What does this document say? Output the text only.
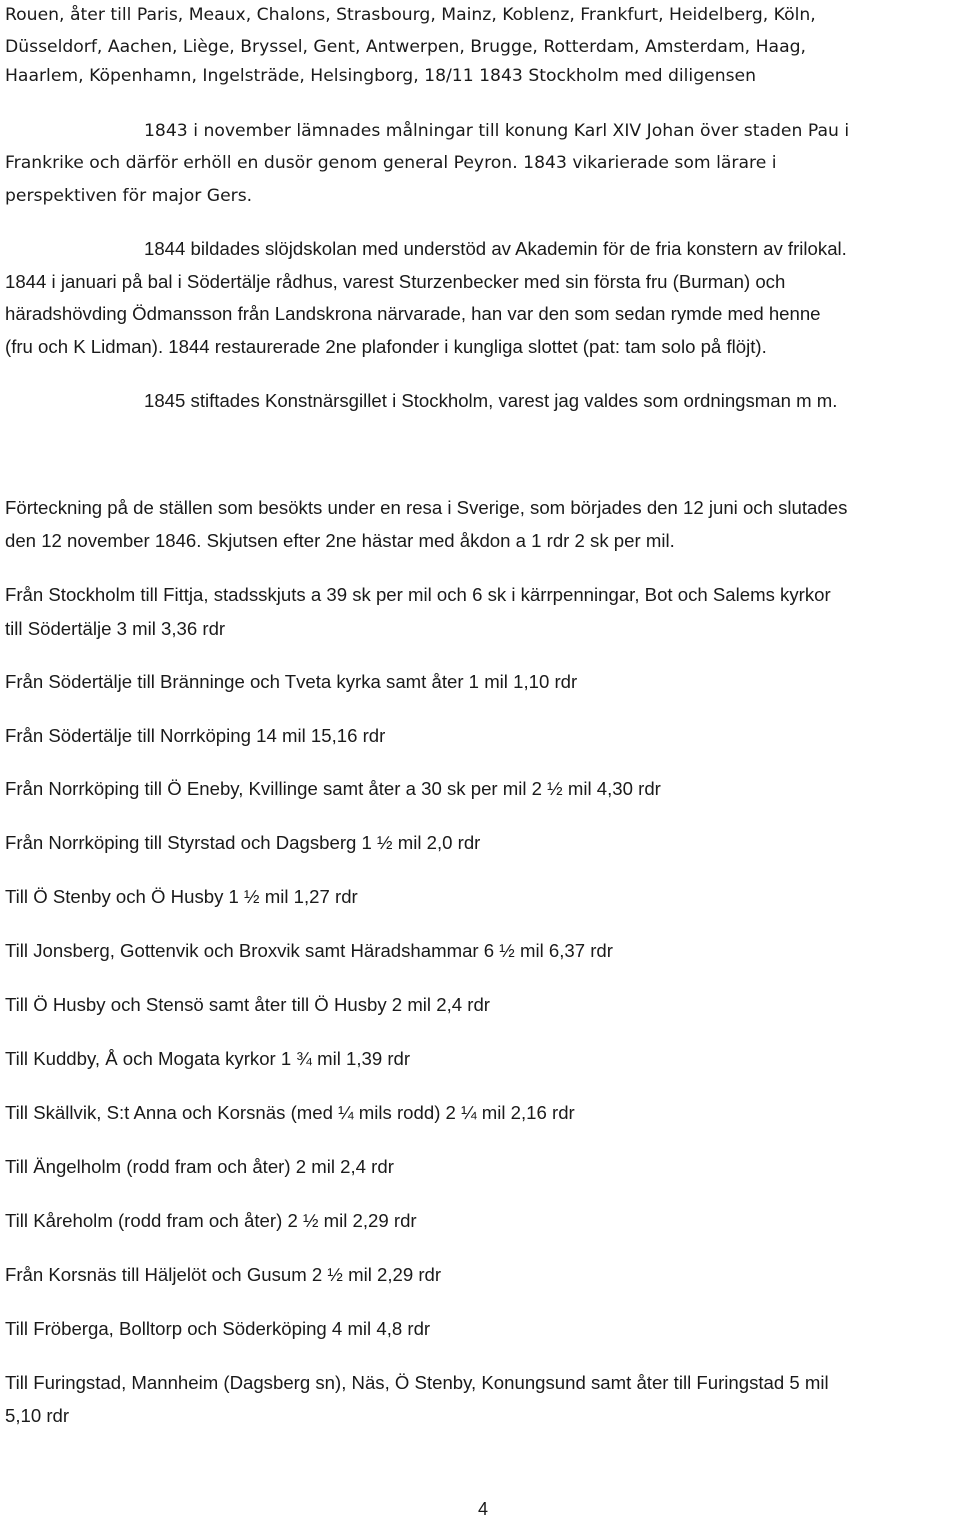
Rouen, åter till Paris, Meaux, Chalons, Strasbourg, Mainz, Koblenz, Frankfurt, Heidelberg, Köln,
Düsseldorf, Aachen, Liège, Bryssel, Gent, Antwerpen, Brugge, Rotterdam, Amsterdam, Haag,
Haarlem, Köpenhamn, Ingelsträde, Helsingborg, 18/11 1843 Stockholm med diligensen
1843 i november lämnades målningar till konung Karl XIV Johan över staden Pau i
Frankrike och därför erhöll en dusör genom general Peyron. 1843 vikarierade som lärare i
perspektiven för major Gers.
1844 bildades slöjdskolan med understöd av Akademin för de fria konstern av frilokal.
1844 i januari på bal i Södertälje rådhus, varest Sturzenbecker med sin första fru (Burman) och
häradshövding Ödmansson från Landskrona närvarade, han var den som sedan rymde med henne
(fru och K Lidman). 1844 restaurerade 2ne plafonder i kungliga slottet (pat: tam solo på flöjt).
1845 stiftades Konstnärsgillet i Stockholm, varest jag valdes som ordningsman m m.
Förteckning på de ställen som besökts under en resa i Sverige, som börjades den 12 juni och slutades
den 12 november 1846. Skjutsen efter 2ne hästar med åkdon a 1 rdr 2 sk per mil.
Från Stockholm till Fittja, stadsskjuts a 39 sk per mil och 6 sk i kärrpenningar, Bot och Salems kyrkor
till Södertälje 3 mil 3,36 rdr
Från Södertälje till Bränninge och Tveta kyrka samt åter 1 mil 1,10 rdr
Från Södertälje till Norrköping 14 mil 15,16 rdr
Från Norrköping till Ö Eneby, Kvillinge samt åter a 30 sk per mil 2 ½ mil 4,30 rdr
Från Norrköping till Styrstad och Dagsberg 1 ½ mil 2,0 rdr
Till Ö Stenby och Ö Husby 1 ½ mil 1,27 rdr
Till Jonsberg, Gottenvik och Broxvik samt Häradshammar 6 ½ mil 6,37 rdr
Till Ö Husby och Stensö samt åter till Ö Husby 2 mil 2,4 rdr
Till Kuddby, Å och Mogata kyrkor 1 ¾ mil 1,39 rdr
Till Skällvik, S:t Anna och Korsnäs (med ¼ mils rodd) 2 ¼ mil 2,16 rdr
Till Ängelholm (rodd fram och åter) 2 mil 2,4 rdr
Till Kåreholm (rodd fram och åter) 2 ½ mil 2,29 rdr
Från Korsnäs till Häljelöt och Gusum 2 ½ mil 2,29 rdr
Till Fröberga, Bolltorp och Söderköping 4 mil 4,8 rdr
Till Furingstad, Mannheim (Dagsberg sn), Näs, Ö Stenby, Konungsund samt åter till Furingstad 5 mil
5,10 rdr
4
